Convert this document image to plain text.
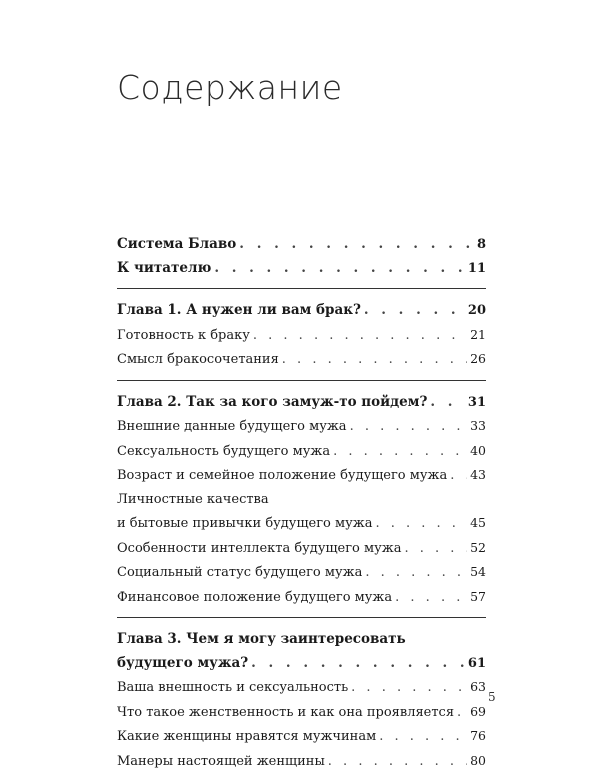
Содержание
Система Блаво . . .	8
К читателю . . .	11
Глава 1. А нужен ли вам брак? . . .	20
Готовность к браку . . .	21
Смысл бракосочетания . . .	26
Глава 2. Так за кого замуж-то пойдем? . . .	31
Внешние данные будущего мужа . . .	33
Сексуальность будущего мужа . . .	40
Возраст и семейное положение будущего мужа . . . 43
Личностные качества
и бытовые привычки будущего мужа . . .	45
Особенности интеллекта будущего мужа . . .	52
Социальный статус будущего мужа . . .	54
Финансовое положение будущего мужа . . .	57
Глава 3. Чем я могу заинтересовать
будущего мужа? . . .	61
Ваша внешность и сексуальность . . .	63
Что такое женственность и как она проявляется . . . 69
Какие женщины нравятся мужчинам . . .	76
Манеры настоящей женщины . . .	80
5
